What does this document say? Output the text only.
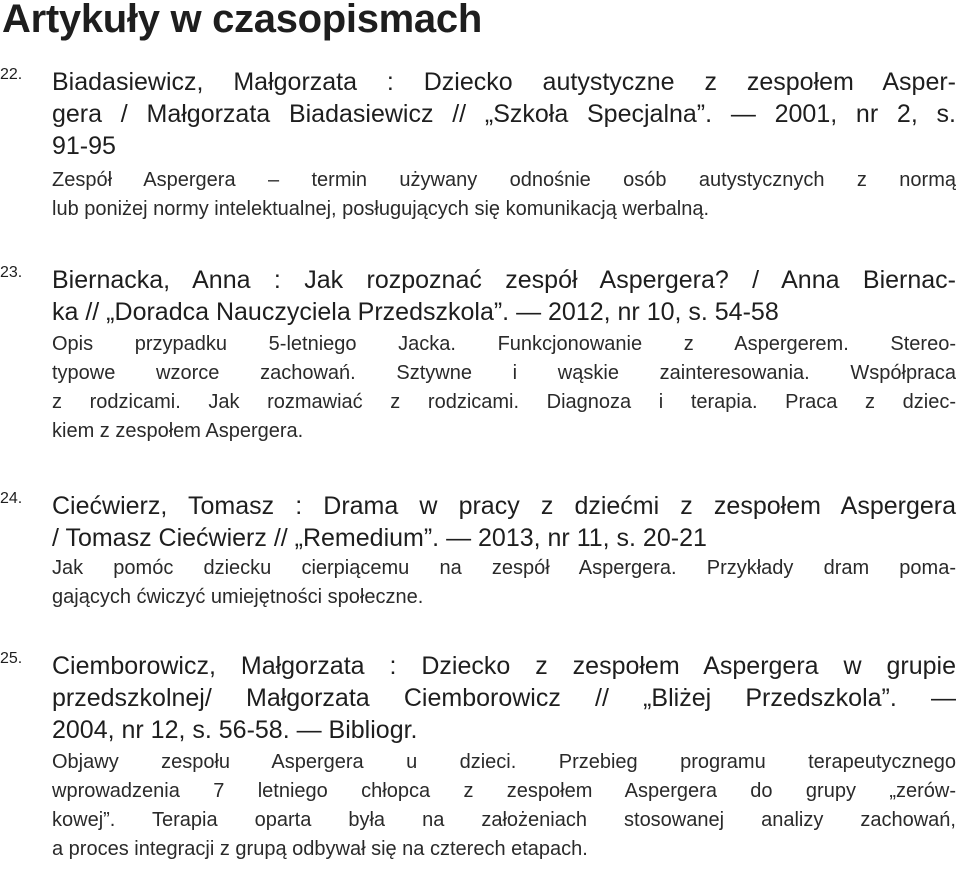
Artykuły w czasopismach
22. Biadasiewicz, Małgorzata : Dziecko autystyczne z zespołem Asper-
gera / Małgorzata Biadasiewicz // „Szkoła Specjalna”. — 2001, nr 2, s.
91-95
Zespół Aspergera – termin używany odnośnie osób autystycznych z normą
lub poniżej normy intelektualnej, posługujących się komunikacją werbalną.
23. Biernacka, Anna : Jak rozpoznać zespół Aspergera? / Anna Biernac-
ka // „Doradca Nauczyciela Przedszkola”. — 2012, nr 10, s. 54-58
Opis przypadku 5-letniego Jacka. Funkcjonowanie z Aspergerem. Stereo-
typowe wzorce zachowań. Sztywne i wąskie zainteresowania. Współpraca
z rodzicami. Jak rozmawiać z rodzicami. Diagnoza i terapia. Praca z dziec-
kiem z zespołem Aspergera.
24. Ciećwierz, Tomasz : Drama w pracy z dziećmi z zespołem Aspergera
/ Tomasz Ciećwierz // „Remedium”. — 2013, nr 11, s. 20-21
Jak pomóc dziecku cierpiącemu na zespół Aspergera. Przykłady dram poma-
gających ćwiczyć umiejętności społeczne.
25. Ciemborowicz, Małgorzata : Dziecko z zespołem Aspergera w grupie
przedszkolnej/ Małgorzata Ciemborowicz // „Bliżej Przedszkola”. —
2004, nr 12, s. 56-58. — Bibliogr.
Objawy zespołu Aspergera u dzieci. Przebieg programu terapeutycznego
wprowadzenia 7 letniego chłopca z zespołem Aspergera do grupy „zerów-
kowej”. Terapia oparta była na założeniach stosowanej analizy zachowań,
a proces integracji z grupą odbywał się na czterech etapach.
